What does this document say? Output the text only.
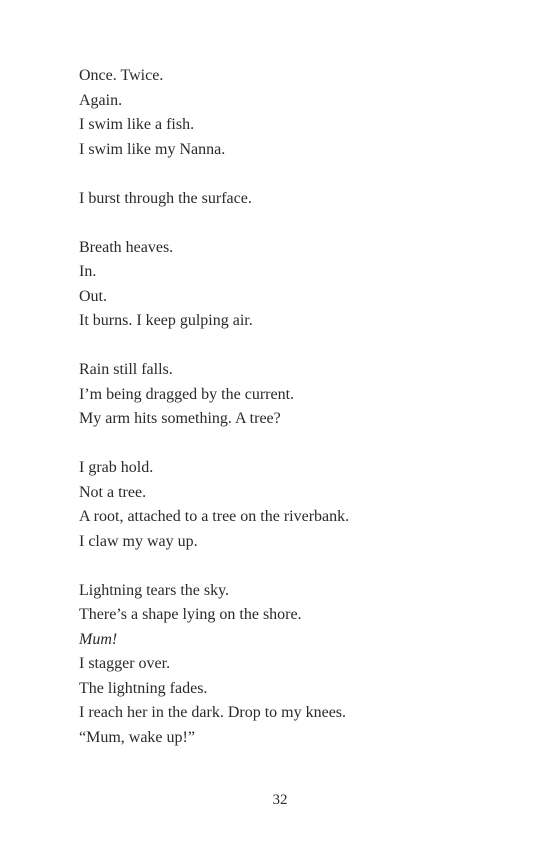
Once. Twice.
Again.
I swim like a fish.
I swim like my Nanna.
I burst through the surface.
Breath heaves.
In.
Out.
It burns. I keep gulping air.
Rain still falls.
I’m being dragged by the current.
My arm hits something. A tree?
I grab hold.
Not a tree.
A root, attached to a tree on the riverbank.
I claw my way up.
Lightning tears the sky.
There’s a shape lying on the shore.
Mum!
I stagger over.
The lightning fades.
I reach her in the dark. Drop to my knees.
“Mum, wake up!”
32
